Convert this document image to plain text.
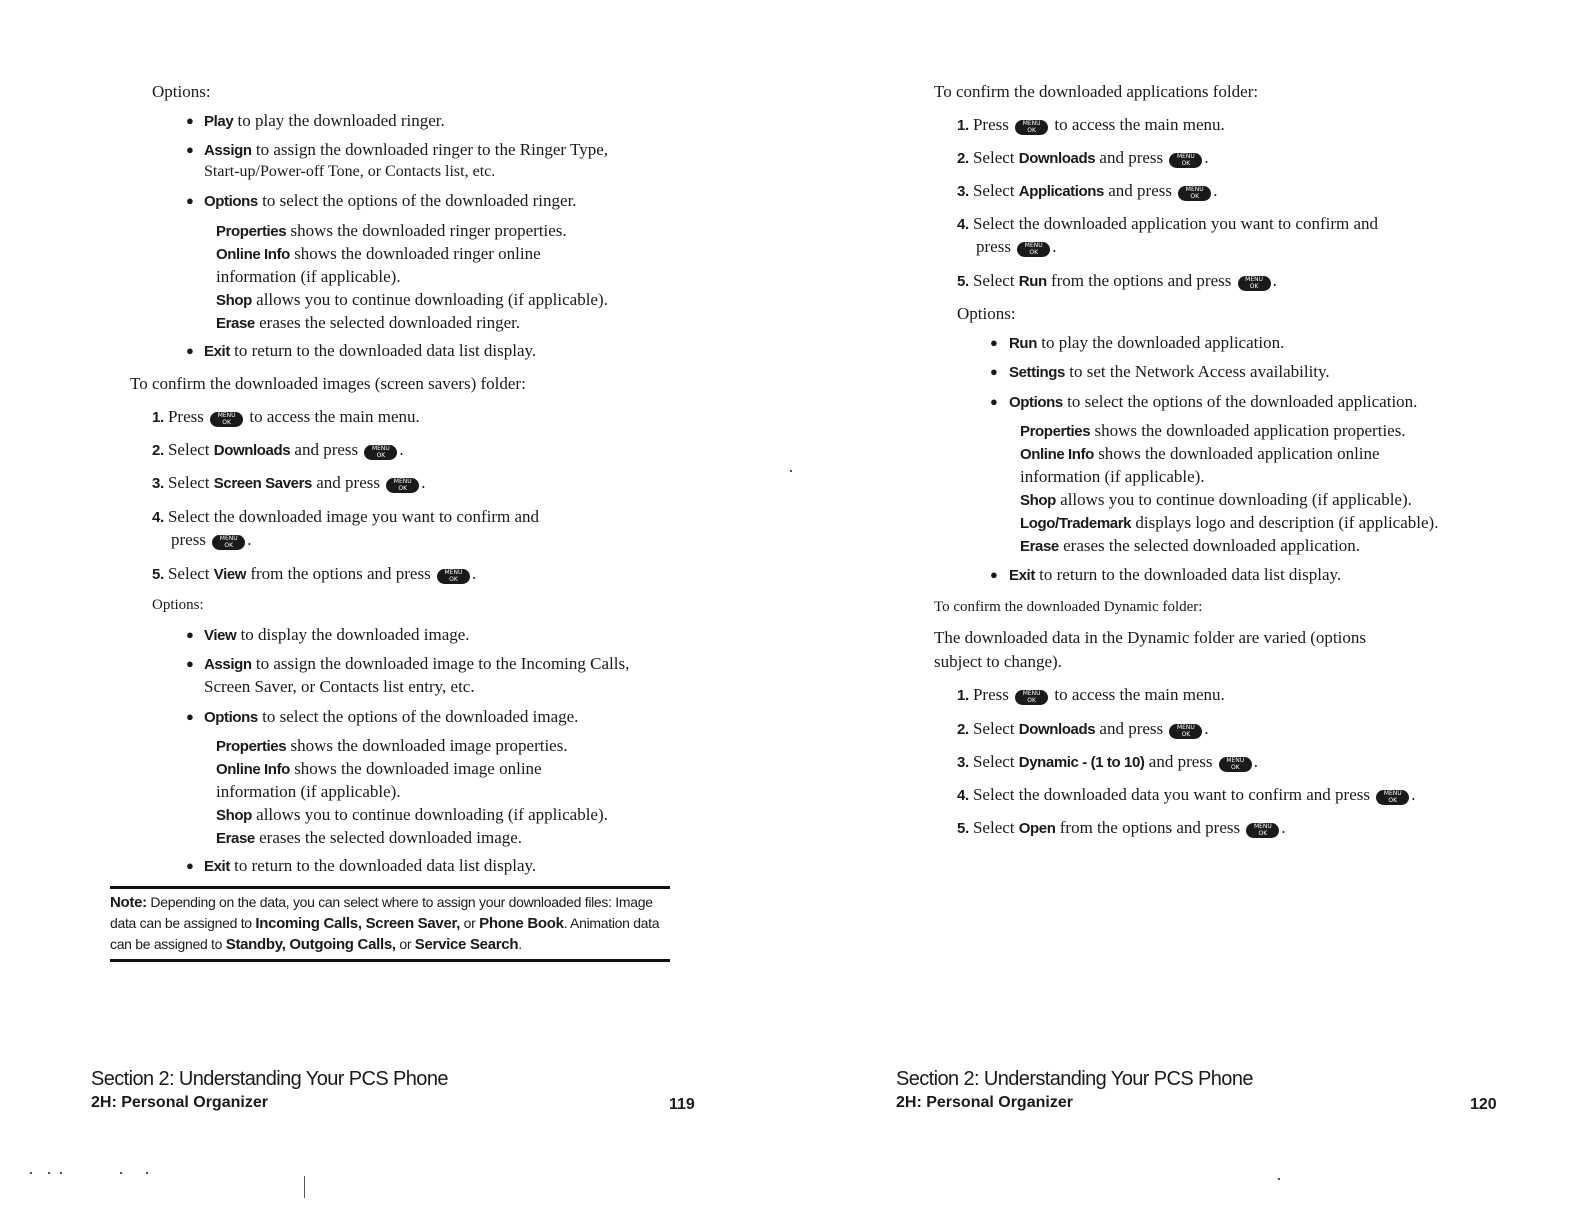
Options:
● Play to play the downloaded ringer.
● Assign to assign the downloaded ringer to the Ringer Type,
Start-up/Power-off Tone, or Contacts list, etc.
● Options to select the options of the downloaded ringer.
Properties shows the downloaded ringer properties.
Online Info shows the downloaded ringer online
information (if applicable).
Shop allows you to continue downloading (if applicable).
Erase erases the selected downloaded ringer.
● Exit to return to the downloaded data list display.
To confirm the downloaded images (screen savers) folder:
1. Press	MENU
OK to access the main menu.
2. Select Downloads and press	MENU
OK .
3. Select Screen Savers and press	MENU
OK .
4. Select the downloaded image you want to confirm and
press	MENU
OK .
5. Select View from the options and press	MENU
OK .
Options:
● View to display the downloaded image.
● Assign to assign the downloaded image to the Incoming Calls,
Screen Saver, or Contacts list entry, etc.
● Options to select the options of the downloaded image.
Properties shows the downloaded image properties.
Online Info shows the downloaded image online
information (if applicable).
Shop allows you to continue downloading (if applicable).
Erase erases the selected downloaded image.
● Exit to return to the downloaded data list display.
Note: Depending on the data, you can select where to assign your downloaded files: Image data can be assigned to Incoming Calls, Screen Saver, or Phone Book. Animation data can be assigned to Standby, Outgoing Calls, or Service Search.
Section 2: Understanding Your PCS Phone
2H: Personal Organizer	119
To confirm the downloaded applications folder:
1. Press	MENU
OK to access the main menu.
2. Select Downloads and press	MENU
OK .
3. Select Applications and press	MENU
OK .
4. Select the downloaded application you want to confirm and
press	MENU
OK .
5. Select Run from the options and press	MENU
OK .
Options:
● Run to play the downloaded application.
● Settings to set the Network Access availability.
● Options to select the options of the downloaded application.
Properties shows the downloaded application properties.
Online Info shows the downloaded application online
information (if applicable).
Shop allows you to continue downloading (if applicable).
Logo/Trademark displays logo and description (if applicable).
Erase erases the selected downloaded application.
● Exit to return to the downloaded data list display.
To confirm the downloaded Dynamic folder:
The downloaded data in the Dynamic folder are varied (options
subject to change).
1. Press	MENU
OK to access the main menu.
2. Select Downloads and press	MENU
OK .
3. Select Dynamic - (1 to 10) and press	MENU
OK .
4. Select the downloaded data you want to confirm and press	MENU
OK .
5. Select Open from the options and press	MENU
OK .
Section 2: Understanding Your PCS Phone
2H: Personal Organizer	120
